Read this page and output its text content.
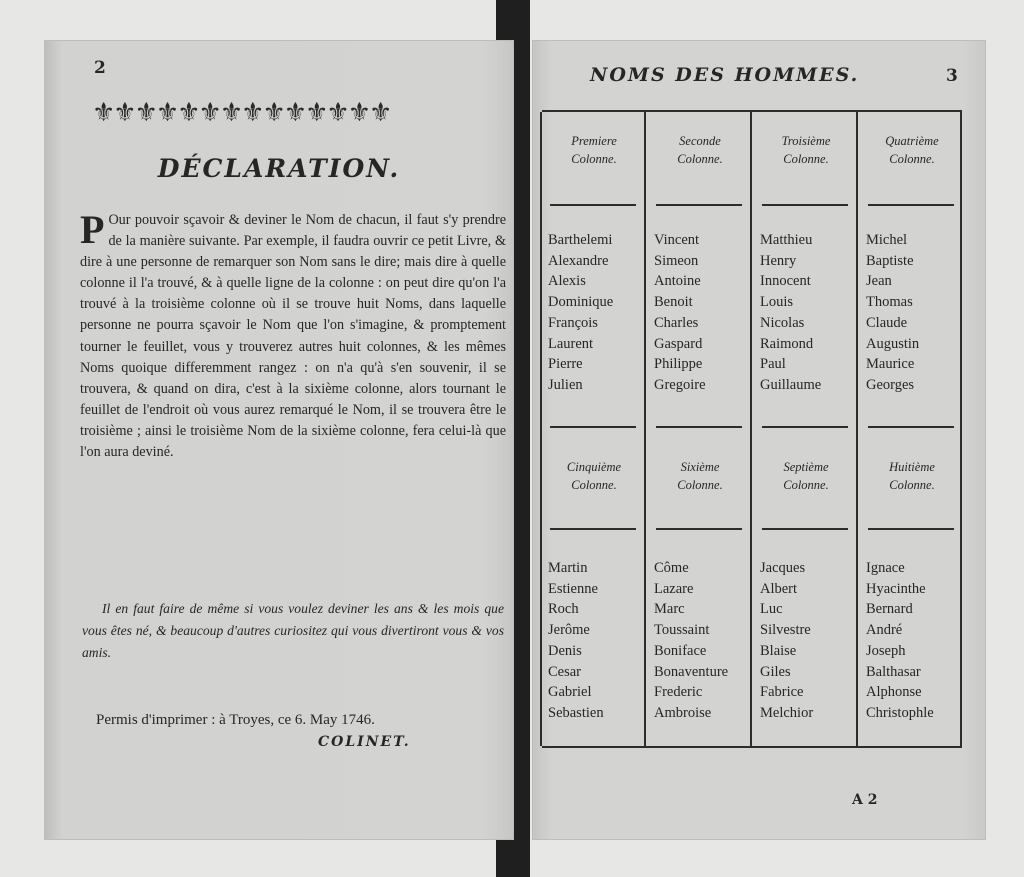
2
⚜⚜⚜⚜⚜⚜⚜⚜⚜⚜⚜⚜⚜⚜
DÉCLARATION.
P Our pouvoir sçavoir & deviner le Nom de chacun, il faut s'y prendre de la manière suivante. Par exemple, il faudra ouvrir ce petit Livre, & dire à une personne de remarquer son Nom sans le dire; mais dire à quelle colonne il l'a trouvé, & à quelle ligne de la colonne : on peut dire qu'on l'a trouvé à la troisième colonne où il se trouve huit Noms, dans laquelle personne ne pourra sçavoir le Nom que l'on s'imagine, & promptement tourner le feuillet, vous y trouverez autres huit colonnes, & les mêmes Noms quoique differemment rangez : on n'a qu'à s'en souvenir, il se trouvera, & quand on dira, c'est à la sixième colonne, alors tournant le feuillet de l'endroit où vous aurez remarqué le Nom, il se trouvera être le troisième ; ainsi le troisième Nom de la sixième colonne, fera celui-là que l'on aura deviné.
Il en faut faire de même si vous voulez deviner les ans & les mois que vous êtes né, & beaucoup d'autres curiositez qui vous divertiront vous & vos amis.
Permis d'imprimer : à Troyes, ce 6. May 1746.
COLINET.
NOMS DES HOMMES.	3
Premiere
Colonne.
Barthelemi
Alexandre
Alexis
Dominique
François
Laurent
Pierre
Julien
Seconde
Colonne.
Vincent
Simeon
Antoine
Benoit
Charles
Gaspard
Philippe
Gregoire
Troisième
Colonne.
Matthieu
Henry
Innocent
Louis
Nicolas
Raimond
Paul
Guillaume
Quatrième
Colonne.
Michel
Baptiste
Jean
Thomas
Claude
Augustin
Maurice
Georges
Cinquième
Colonne.
Martin
Estienne
Roch
Jerôme
Denis
Cesar
Gabriel
Sebastien
Sixième
Colonne.
Côme
Lazare
Marc
Toussaint
Boniface
Bonaventure
Frederic
Ambroise
Septième
Colonne.
Jacques
Albert
Luc
Silvestre
Blaise
Giles
Fabrice
Melchior
Huitième
Colonne.
Ignace
Hyacinthe
Bernard
André
Joseph
Balthasar
Alphonse
Christophle
A 2
